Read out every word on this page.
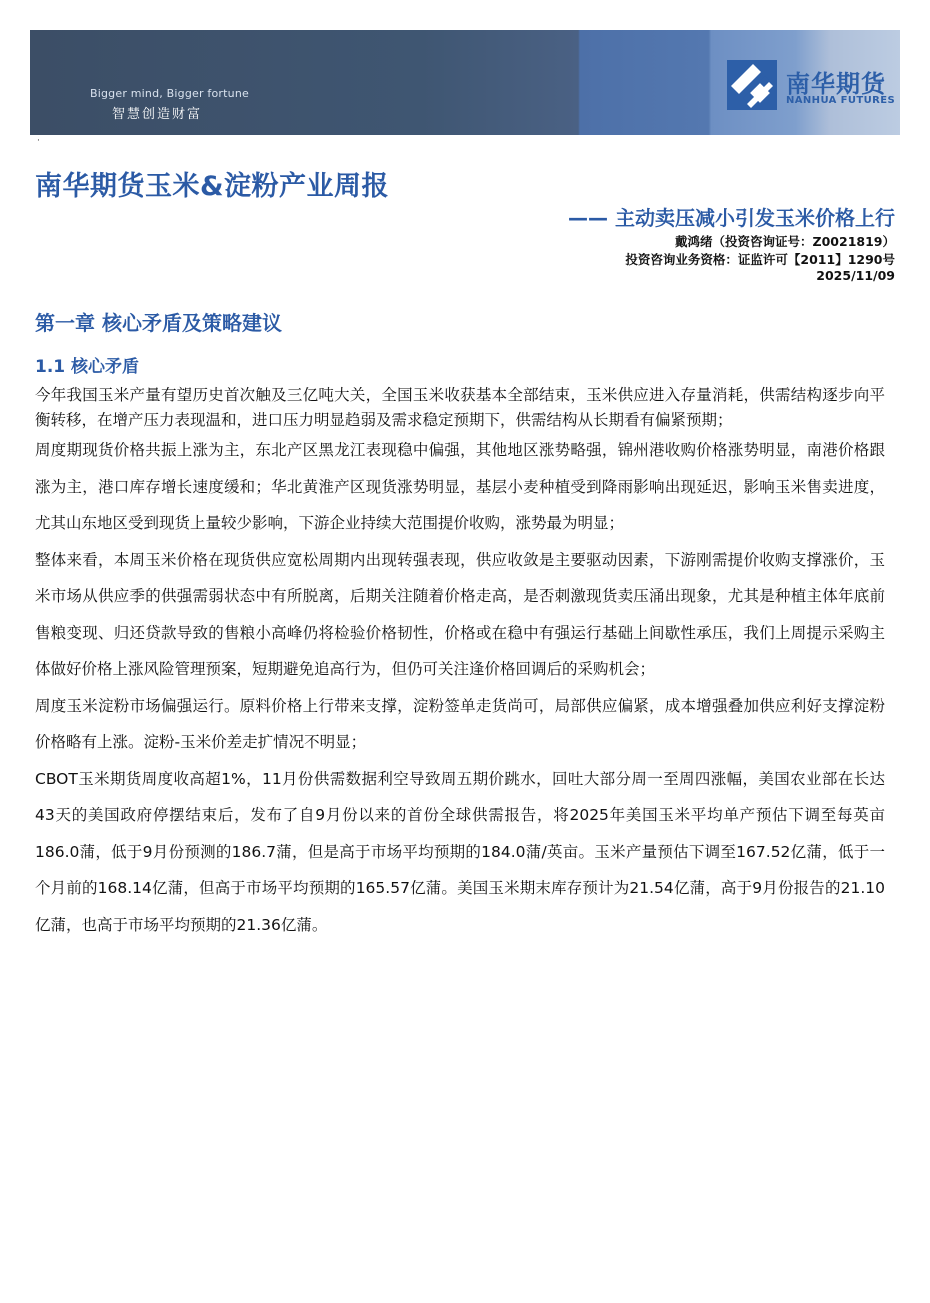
Bigger mind, Bigger fortune
智慧创造财富
南华期货
NANHUA FUTURES
·
南华期货玉米&淀粉产业周报
—— 主动卖压减小引发玉米价格上行
戴鸿绪（投资咨询证号：Z0021819）
投资咨询业务资格：证监许可【2011】1290号
2025/11/09
第一章 核心矛盾及策略建议
1.1 核心矛盾

今年我国玉米产量有望历史首次触及三亿吨大关，全国玉米收获基本全部结束，玉米供应进入存量消耗，供需结构逐步向平衡转移，在增产压力表现温和，进口压力明显趋弱及需求稳定预期下，供需结构从长期看有偏紧预期；

周度期现货价格共振上涨为主，东北产区黑龙江表现稳中偏强，其他地区涨势略强，锦州港收购价格涨势明显，南港价格跟涨为主，港口库存增长速度缓和；华北黄淮产区现货涨势明显，基层小麦种植受到降雨影响出现延迟，影响玉米售卖进度，尤其山东地区受到现货上量较少影响，下游企业持续大范围提价收购，涨势最为明显；

整体来看，本周玉米价格在现货供应宽松周期内出现转强表现，供应收敛是主要驱动因素，下游刚需提价收购支撑涨价，玉米市场从供应季的供强需弱状态中有所脱离，后期关注随着价格走高，是否刺激现货卖压涌出现象，尤其是种植主体年底前售粮变现、归还贷款导致的售粮小高峰仍将检验价格韧性，价格或在稳中有强运行基础上间歇性承压，我们上周提示采购主体做好价格上涨风险管理预案，短期避免追高行为，但仍可关注逢价格回调后的采购机会；

周度玉米淀粉市场偏强运行。原料价格上行带来支撑，淀粉签单走货尚可，局部供应偏紧，成本增强叠加供应利好支撑淀粉价格略有上涨。淀粉-玉米价差走扩情况不明显；

CBOT玉米期货周度收高超1%，11月份供需数据利空导致周五期价跳水，回吐大部分周一至周四涨幅，美国农业部在长达43天的美国政府停摆结束后，发布了自9月份以来的首份全球供需报告，将2025年美国玉米平均单产预估下调至每英亩186.0蒲，低于9月份预测的186.7蒲，但是高于市场平均预期的184.0蒲/英亩。玉米产量预估下调至167.52亿蒲，低于一个月前的168.14亿蒲，但高于市场平均预期的165.57亿蒲。美国玉米期末库存预计为21.54亿蒲，高于9月份报告的21.10亿蒲，也高于市场平均预期的21.36亿蒲。
